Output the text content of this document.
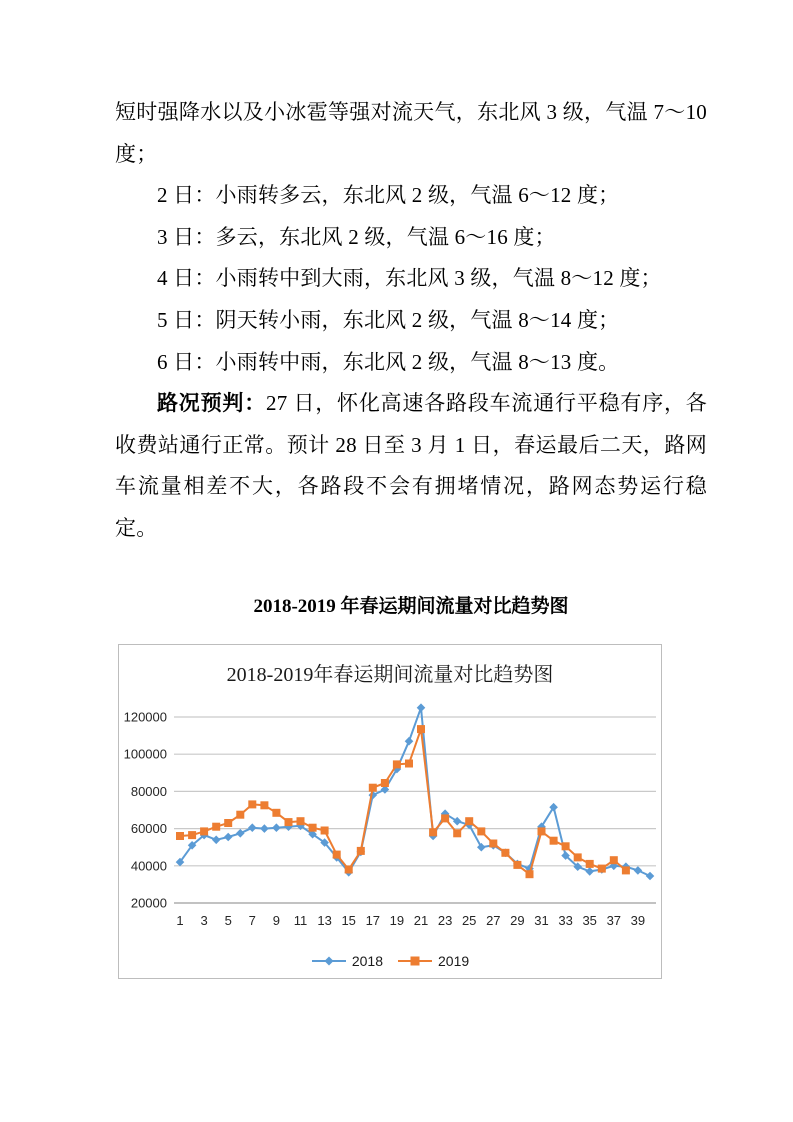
短时强降水以及小冰雹等强对流天气，东北风 3 级，气温 7～10 度；

2 日：小雨转多云，东北风 2 级，气温 6～12 度；

3 日：多云，东北风 2 级，气温 6～16 度；

4 日：小雨转中到大雨，东北风 3 级，气温 8～12 度；

5 日：阴天转小雨，东北风 2 级，气温 8～14 度；

6 日：小雨转中雨，东北风 2 级，气温 8～13 度。

路况预判：27 日，怀化高速各路段车流通行平稳有序，各收费站通行正常。预计 28 日至 3 月 1 日，春运最后二天，路网车流量相差不大，各路段不会有拥堵情况，路网态势运行稳定。

2018-2019 年春运期间流量对比趋势图
2018-2019年春运期间流量对比趋势图
20000
40000
60000
80000
100000
120000
1 3 5 7 9 11 13 15 17 19 21 23 25 27 29 31 33 35 37 39
2018	2019
